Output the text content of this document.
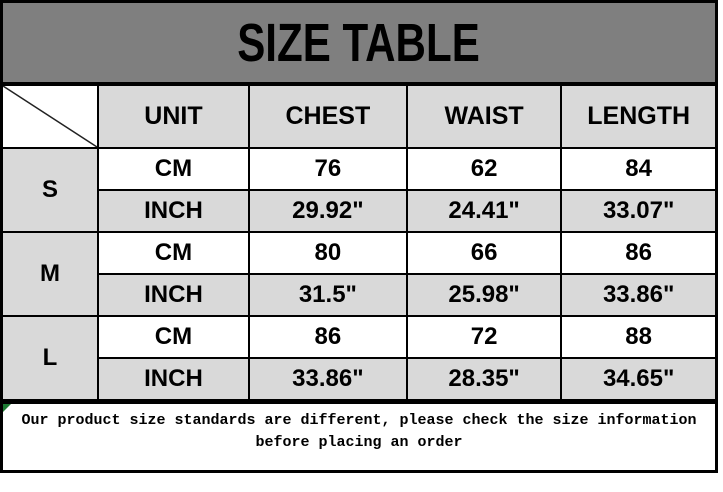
SIZE TABLE
	UNIT	CHEST	WAIST	LENGTH
S	CM	76	62	84
	INCH	29.92"	24.41"	33.07"
M	CM	80	66	86
	INCH	31.5"	25.98"	33.86"
L	CM	86	72	88
	INCH	33.86"	28.35"	34.65"
Our product size standards are different, please check the size information
before placing an order
